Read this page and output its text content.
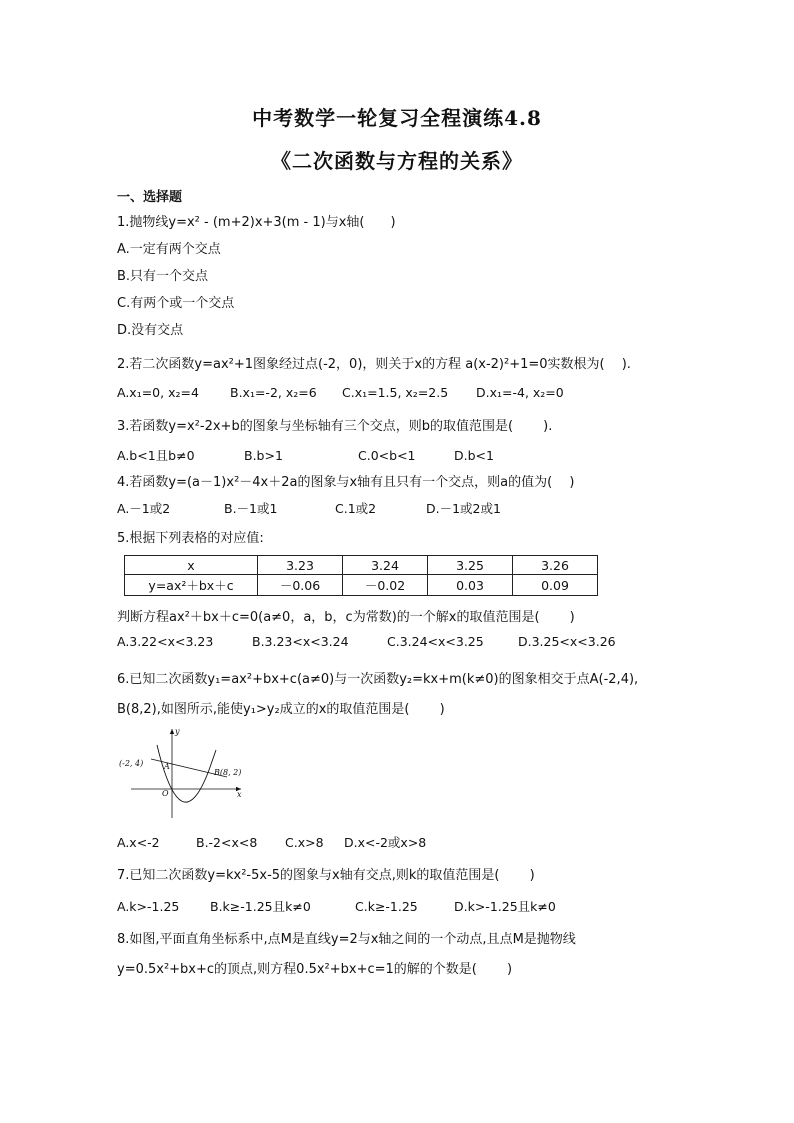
中考数学一轮复习全程演练4.8
《二次函数与方程的关系》
一、选择题
1.抛物线y=x² - (m+2)x+3(m - 1)与x轴(　　)
A.一定有两个交点
B.只有一个交点
C.有两个或一个交点
D.没有交点
2.若二次函数y=ax²+1图象经过点(-2，0)，则关于x的方程 a(x-2)²+1=0实数根为(　 ).
A.x₁=0, x₂=4 B.x₁=-2, x₂=6 C.x₁=1.5, x₂=2.5 D.x₁=-4, x₂=0
3.若函数y=x²-2x+b的图象与坐标轴有三个交点，则b的取值范围是(　 　).
A.b<1且b≠0	B.b>1	C.0<b<1	D.b<1
4.若函数y=(a－1)x²－4x＋2a的图象与x轴有且只有一个交点，则a的值为(　 )
A.－1或2	B.－1或1	C.1或2	D.－1或2或1
5.根据下列表格的对应值:
x	3.23	3.24	3.25	3.26
y=ax²＋bx＋c	－0.06	－0.02	0.03	0.09
判断方程ax²＋bx＋c=0(a≠0，a，b，c为常数)的一个解x的取值范围是(　 　)
A.3.22<x<3.23	B.3.23<x<3.24	C.3.24<x<3.25	D.3.25<x<3.26
6.已知二次函数y₁=ax²+bx+c(a≠0)与一次函数y₂=kx+m(k≠0)的图象相交于点A(-2,4),
B(8,2),如图所示,能使y₁>y₂成立的x的取值范围是(　 　)
(-2, 4)	A
B(8, 2)
O	x
y
A.x<-2	B.-2<x<8 C.x>8 D.x<-2或x>8
7.已知二次函数y=kx²-5x-5的图象与x轴有交点,则k的取值范围是(　 　)
A.k>-1.25 B.k≥-1.25且k≠0	C.k≥-1.25	D.k>-1.25且k≠0
8.如图,平面直角坐标系中,点M是直线y=2与x轴之间的一个动点,且点M是抛物线
y=0.5x²+bx+c的顶点,则方程0.5x²+bx+c=1的解的个数是(　 　)
